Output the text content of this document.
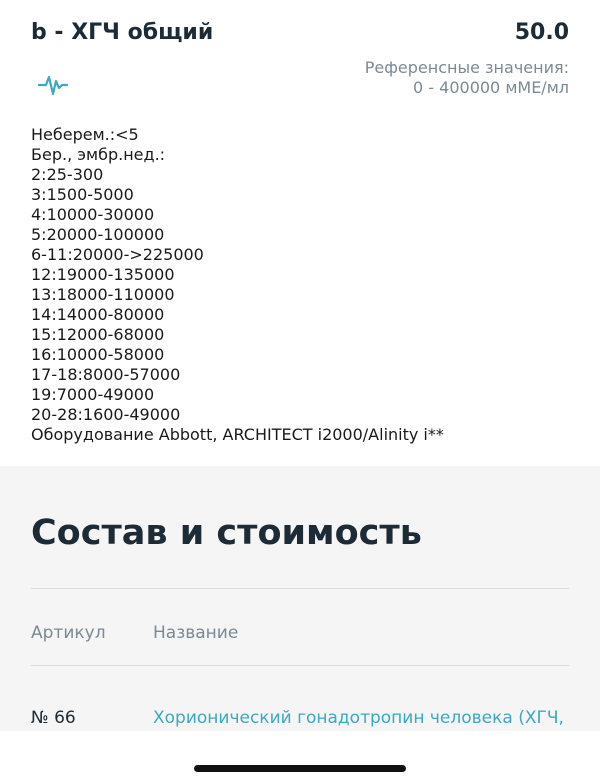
b - ХГЧ общий	50.0
Референсные значения:
0 - 400000 мМЕ/мл
Неберем.:<5
Бер., эмбр.нед.:
2:25-300
3:1500-5000
4:10000-30000
5:20000-100000
6-11:20000->225000
12:19000-135000
13:18000-110000
14:14000-80000
15:12000-68000
16:10000-58000
17-18:8000-57000
19:7000-49000
20-28:1600-49000
Оборудование Abbott, ARCHITECT i2000/Alinity i**
Состав и стоимость
Артикул	Название
№ 66	Хорионический гонадотропин человека (ХГЧ,
